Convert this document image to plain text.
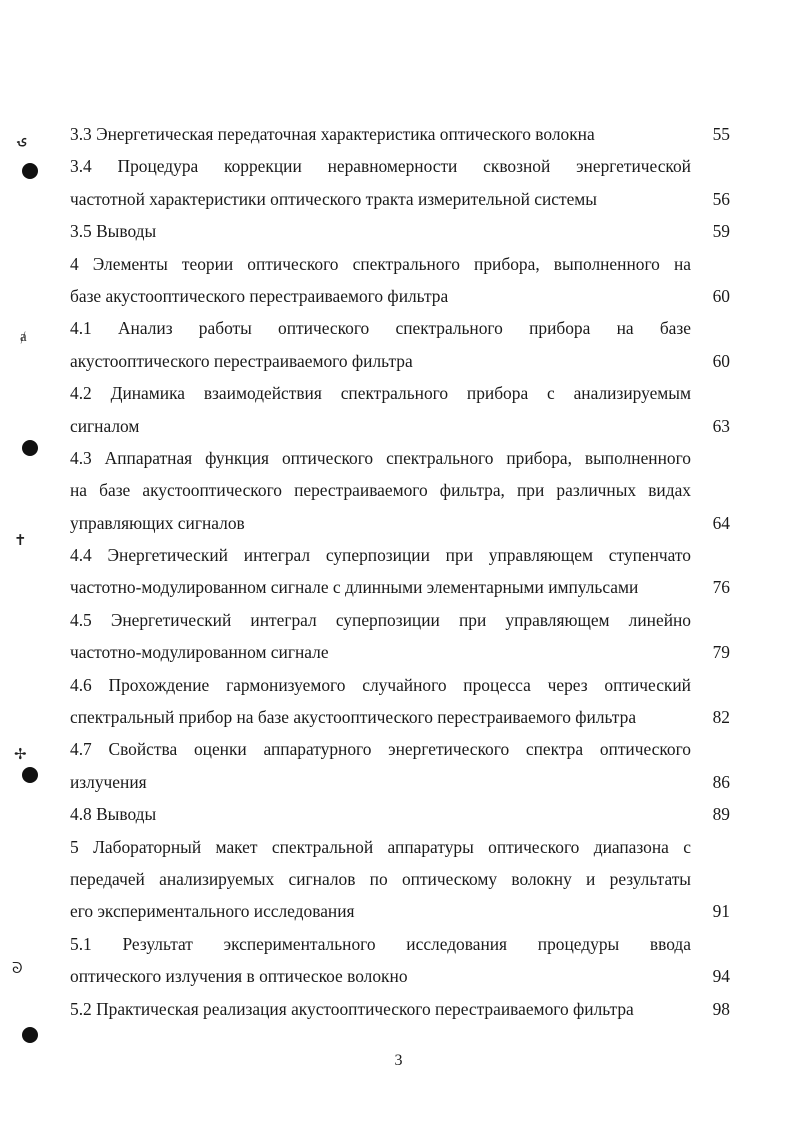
ۍ
ⱥ
✝
✢
ᘐ
3.3 Энергетическая передаточная характеристика оптического волокна	55
3.4 Процедура коррекции неравномерности сквозной энергетической
частотной характеристики оптического тракта измерительной системы	56
3.5 Выводы	59
4 Элементы теории оптического спектрального прибора, выполненного на
базе акустооптического перестраиваемого фильтра	60
4.1 Анализ работы оптического спектрального прибора на базе
акустооптического перестраиваемого фильтра	60
4.2 Динамика взаимодействия спектрального прибора с анализируемым
сигналом	63
4.3 Аппаратная функция оптического спектрального прибора, выполненного
на базе акустооптического перестраиваемого фильтра, при различных видах
управляющих сигналов	64
4.4 Энергетический интеграл суперпозиции при управляющем ступенчато
частотно-модулированном сигнале с длинными элементарными импульсами	76
4.5 Энергетический интеграл суперпозиции при управляющем линейно
частотно-модулированном сигнале	79
4.6 Прохождение гармонизуемого случайного процесса через оптический
спектральный прибор на базе акустооптического перестраиваемого фильтра	82
4.7 Свойства оценки аппаратурного энергетического спектра оптического
излучения	86
4.8 Выводы	89
5 Лабораторный макет спектральной аппаратуры оптического диапазона с
передачей анализируемых сигналов по оптическому волокну и результаты
его экспериментального исследования	91
5.1 Результат экспериментального исследования процедуры ввода
оптического излучения в оптическое волокно	94
5.2 Практическая реализация акустооптического перестраиваемого фильтра	98
3
